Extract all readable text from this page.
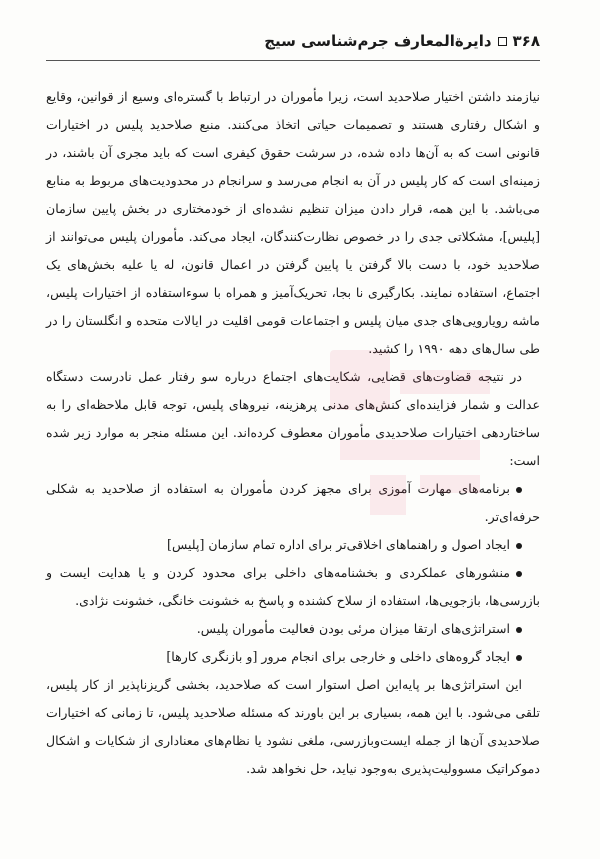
۳۶۸
دایرةالمعارف جرم‌شناسی سیج

نیازمند داشتن اختیار صلاحدید است، زیرا مأموران در ارتباط با گستره‌ای وسیع از قوانین، وقایع و اشکال رفتاری هستند و تصمیمات حیاتی اتخاذ می‌کنند. منبع صلاحدید پلیس در اختیارات قانونی است که به آن‌ها داده شده، در سرشت حقوق کیفری است که باید مجری آن باشند، در زمینه‌ای است که کار پلیس در آن به انجام می‌رسد و سرانجام در محدودیت‌های مربوط به منابع می‌باشد. با این همه، قرار دادن میزان تنظیم نشده‌ای از خودمختاری در بخش پایین سازمان [پلیس]، مشکلاتی جدی را در خصوص نظارت‌کنندگان، ایجاد می‌کند. مأموران پلیس می‌توانند از صلاحدید خود، با دست بالا گرفتن یا پایین گرفتن در اعمال قانون، له یا علیه بخش‌های یک اجتماع، استفاده نمایند. بکارگیری نا بجا، تحریک‌آمیز و همراه با سوءاستفاده از اختیارات پلیس، ماشه رویارویی‌های جدی میان پلیس و اجتماعات قومی اقلیت در ایالات متحده و انگلستان را در طی سال‌های دهه ۱۹۹۰ را کشید.

در نتیجه قضاوت‌های قضایی، شکایت‌های اجتماع درباره سو رفتار عمل نادرست دستگاه عدالت و شمار فزاینده‌ای کنش‌های مدنی پرهزینه، نیروهای پلیس، توجه قابل ملاحظه‌ای را به ساختاردهی اختیارات صلاحدیدی مأموران معطوف کرده‌اند. این مسئله منجر به موارد زیر شده است:

برنامه‌های مهارت آموزی برای مجهز کردن مأموران به استفاده از صلاحدید به شکلی حرفه‌ای‌تر.
ایجاد اصول و راهنماهای اخلاقی‌تر برای اداره تمام سازمان [پلیس]
منشورهای عملکردی و بخشنامه‌های داخلی برای محدود کردن و یا هدایت ایست و بازرسی‌ها، بازجویی‌ها، استفاده از سلاح کشنده و پاسخ به خشونت خانگی، خشونت نژادی.
استراتژی‌های ارتقا میزان مرئی بودن فعالیت مأموران پلیس.
ایجاد گروه‌های داخلی و خارجی برای انجام مرور [و بازنگری کارها]

این استراتژی‌ها بر پایه‌این اصل استوار است که صلاحدید، بخشی گریزناپذیر از کار پلیس، تلقی می‌شود. با این همه، بسیاری بر این باورند که مسئله صلاحدید پلیس، تا زمانی که اختیارات صلاحدیدی آن‌ها از جمله ایست‌وبازرسی، ملغی نشود یا نظام‌های معناداری از شکایات و اشکال دموکراتیک مسوولیت‌پذیری به‌وجود نیاید، حل نخواهد شد.
